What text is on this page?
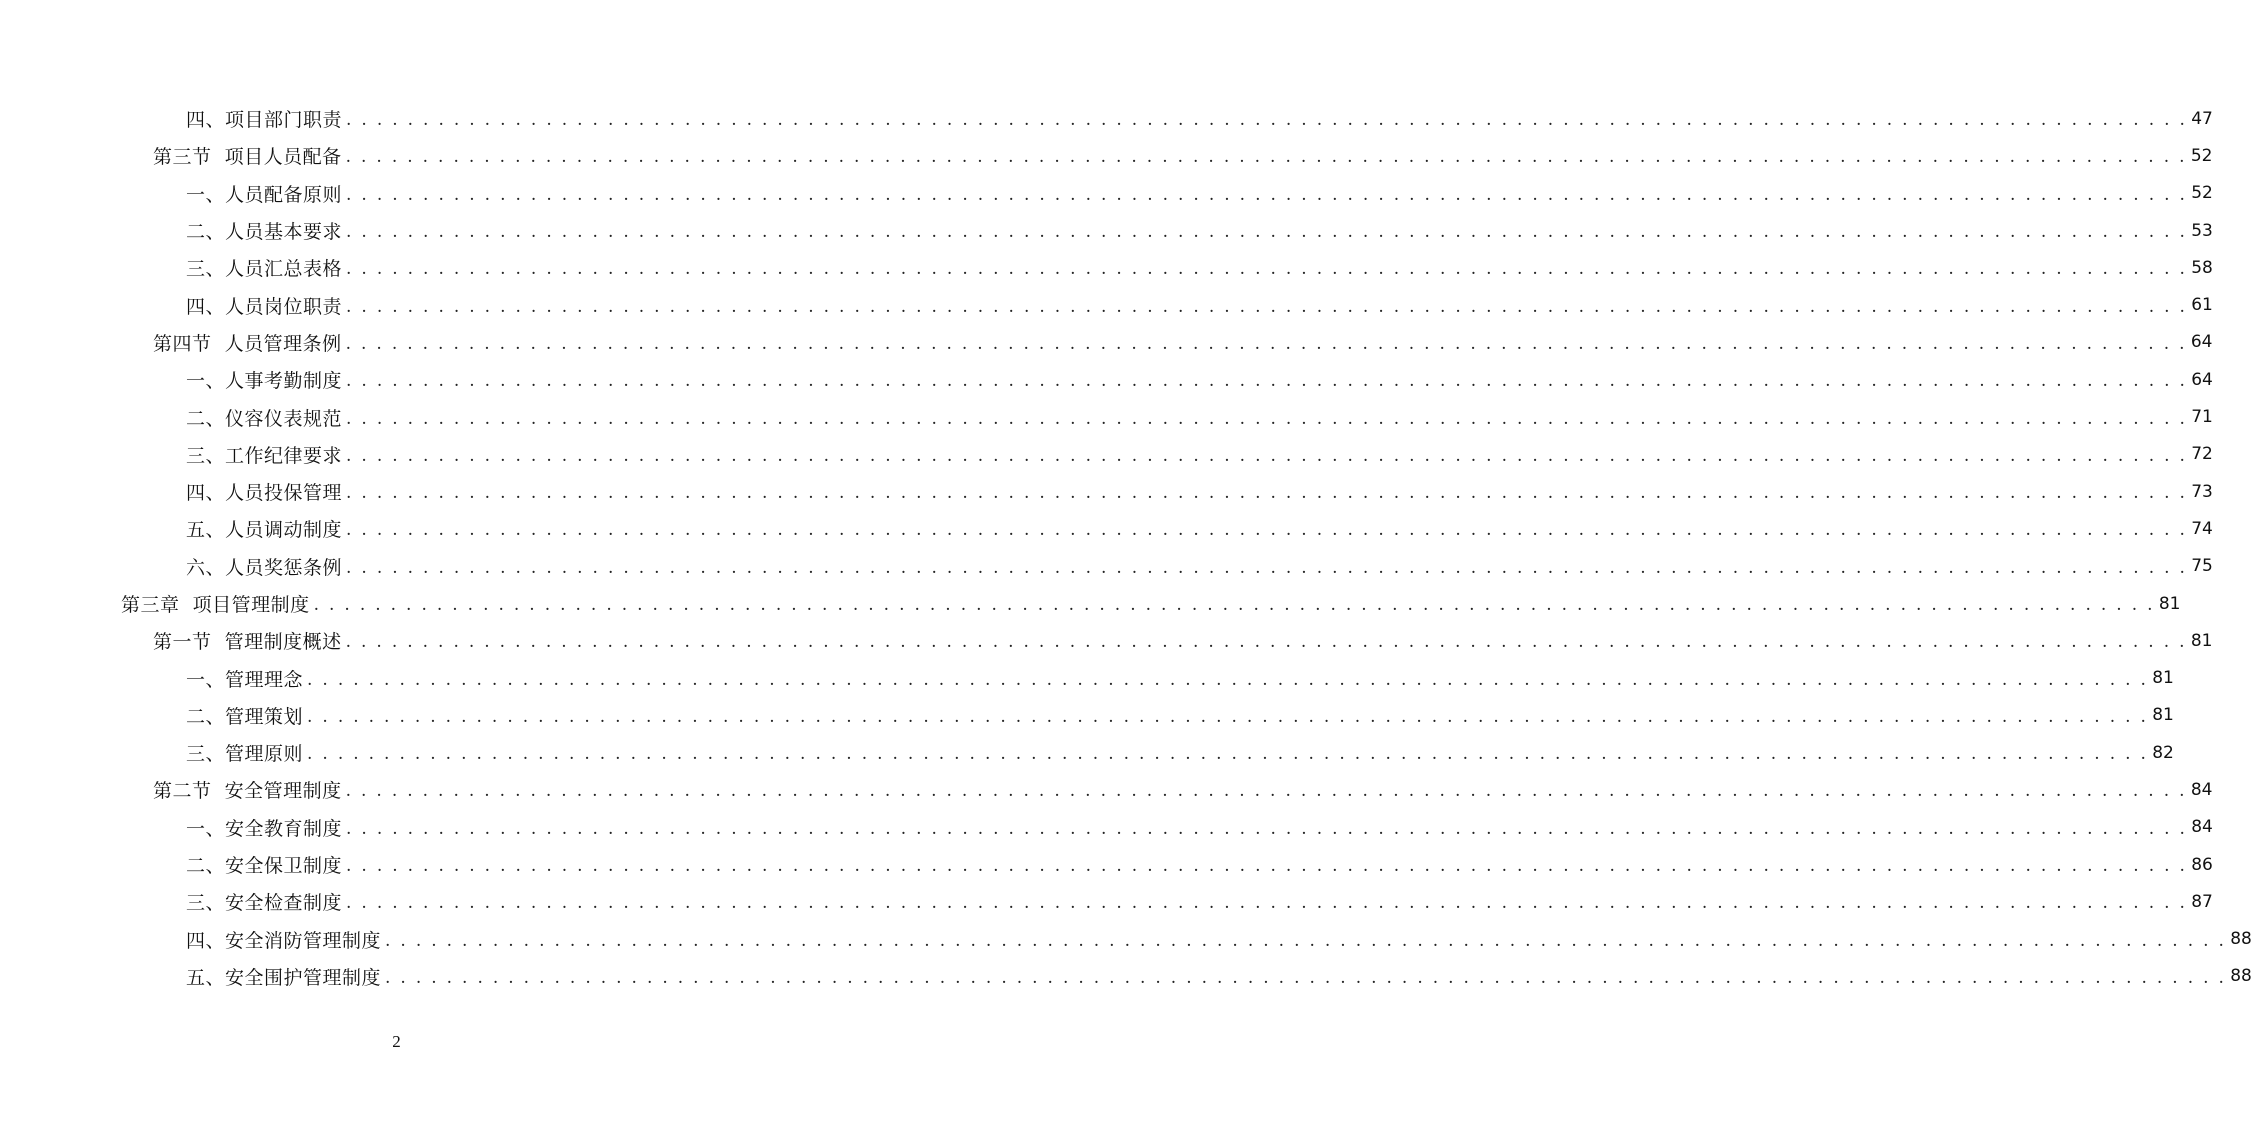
四、项目部门职责 . . . . . . . . . . . . . . . . . . . . . . . . . . . . . . . . . . . . . . . . . . . . . . . . . . . . . . . . . . . . . . . . . . . . . . . . . . . . . . . . . . . . . . . . . . . . . . . . . . . . . . . . . . . . . . . . . . . . . . . . 47
第三节  项目人员配备 . . . . . . . . . . . . . . . . . . . . . . . . . . . . . . . . . . . . . . . . . . . . . . . . . . . . . . . . . . . . . . . . . . . . . . . . . . . . . . . . . . . . . . . . . . . . . . . . . . . . . . . . . . . . . . . . . . . . . . . . 52
一、人员配备原则 . . . . . . . . . . . . . . . . . . . . . . . . . . . . . . . . . . . . . . . . . . . . . . . . . . . . . . . . . . . . . . . . . . . . . . . . . . . . . . . . . . . . . . . . . . . . . . . . . . . . . . . . . . . . . . . . . . . . . . . . 52
二、人员基本要求 . . . . . . . . . . . . . . . . . . . . . . . . . . . . . . . . . . . . . . . . . . . . . . . . . . . . . . . . . . . . . . . . . . . . . . . . . . . . . . . . . . . . . . . . . . . . . . . . . . . . . . . . . . . . . . . . . . . . . . . . 53
三、人员汇总表格 . . . . . . . . . . . . . . . . . . . . . . . . . . . . . . . . . . . . . . . . . . . . . . . . . . . . . . . . . . . . . . . . . . . . . . . . . . . . . . . . . . . . . . . . . . . . . . . . . . . . . . . . . . . . . . . . . . . . . . . . 58
四、人员岗位职责 . . . . . . . . . . . . . . . . . . . . . . . . . . . . . . . . . . . . . . . . . . . . . . . . . . . . . . . . . . . . . . . . . . . . . . . . . . . . . . . . . . . . . . . . . . . . . . . . . . . . . . . . . . . . . . . . . . . . . . . . 61
第四节  人员管理条例 . . . . . . . . . . . . . . . . . . . . . . . . . . . . . . . . . . . . . . . . . . . . . . . . . . . . . . . . . . . . . . . . . . . . . . . . . . . . . . . . . . . . . . . . . . . . . . . . . . . . . . . . . . . . . . . . . . . . . . . . 64
一、人事考勤制度 . . . . . . . . . . . . . . . . . . . . . . . . . . . . . . . . . . . . . . . . . . . . . . . . . . . . . . . . . . . . . . . . . . . . . . . . . . . . . . . . . . . . . . . . . . . . . . . . . . . . . . . . . . . . . . . . . . . . . . . . 64
二、仪容仪表规范 . . . . . . . . . . . . . . . . . . . . . . . . . . . . . . . . . . . . . . . . . . . . . . . . . . . . . . . . . . . . . . . . . . . . . . . . . . . . . . . . . . . . . . . . . . . . . . . . . . . . . . . . . . . . . . . . . . . . . . . . 71
三、工作纪律要求 . . . . . . . . . . . . . . . . . . . . . . . . . . . . . . . . . . . . . . . . . . . . . . . . . . . . . . . . . . . . . . . . . . . . . . . . . . . . . . . . . . . . . . . . . . . . . . . . . . . . . . . . . . . . . . . . . . . . . . . . 72
四、人员投保管理 . . . . . . . . . . . . . . . . . . . . . . . . . . . . . . . . . . . . . . . . . . . . . . . . . . . . . . . . . . . . . . . . . . . . . . . . . . . . . . . . . . . . . . . . . . . . . . . . . . . . . . . . . . . . . . . . . . . . . . . . 73
五、人员调动制度 . . . . . . . . . . . . . . . . . . . . . . . . . . . . . . . . . . . . . . . . . . . . . . . . . . . . . . . . . . . . . . . . . . . . . . . . . . . . . . . . . . . . . . . . . . . . . . . . . . . . . . . . . . . . . . . . . . . . . . . . 74
六、人员奖惩条例 . . . . . . . . . . . . . . . . . . . . . . . . . . . . . . . . . . . . . . . . . . . . . . . . . . . . . . . . . . . . . . . . . . . . . . . . . . . . . . . . . . . . . . . . . . . . . . . . . . . . . . . . . . . . . . . . . . . . . . . . 75
第三章  项目管理制度 . . . . . . . . . . . . . . . . . . . . . . . . . . . . . . . . . . . . . . . . . . . . . . . . . . . . . . . . . . . . . . . . . . . . . . . . . . . . . . . . . . . . . . . . . . . . . . . . . . . . . . . . . . . . . . . . . . . . . . . . 81
第一节  管理制度概述 . . . . . . . . . . . . . . . . . . . . . . . . . . . . . . . . . . . . . . . . . . . . . . . . . . . . . . . . . . . . . . . . . . . . . . . . . . . . . . . . . . . . . . . . . . . . . . . . . . . . . . . . . . . . . . . . . . . . . . . . 81
一、管理理念 . . . . . . . . . . . . . . . . . . . . . . . . . . . . . . . . . . . . . . . . . . . . . . . . . . . . . . . . . . . . . . . . . . . . . . . . . . . . . . . . . . . . . . . . . . . . . . . . . . . . . . . . . . . . . . . . . . . . . . . . 81
二、管理策划 . . . . . . . . . . . . . . . . . . . . . . . . . . . . . . . . . . . . . . . . . . . . . . . . . . . . . . . . . . . . . . . . . . . . . . . . . . . . . . . . . . . . . . . . . . . . . . . . . . . . . . . . . . . . . . . . . . . . . . . . 81
三、管理原则 . . . . . . . . . . . . . . . . . . . . . . . . . . . . . . . . . . . . . . . . . . . . . . . . . . . . . . . . . . . . . . . . . . . . . . . . . . . . . . . . . . . . . . . . . . . . . . . . . . . . . . . . . . . . . . . . . . . . . . . . 82
第二节  安全管理制度 . . . . . . . . . . . . . . . . . . . . . . . . . . . . . . . . . . . . . . . . . . . . . . . . . . . . . . . . . . . . . . . . . . . . . . . . . . . . . . . . . . . . . . . . . . . . . . . . . . . . . . . . . . . . . . . . . . . . . . . . 84
一、安全教育制度 . . . . . . . . . . . . . . . . . . . . . . . . . . . . . . . . . . . . . . . . . . . . . . . . . . . . . . . . . . . . . . . . . . . . . . . . . . . . . . . . . . . . . . . . . . . . . . . . . . . . . . . . . . . . . . . . . . . . . . . . 84
二、安全保卫制度 . . . . . . . . . . . . . . . . . . . . . . . . . . . . . . . . . . . . . . . . . . . . . . . . . . . . . . . . . . . . . . . . . . . . . . . . . . . . . . . . . . . . . . . . . . . . . . . . . . . . . . . . . . . . . . . . . . . . . . . . 86
三、安全检查制度 . . . . . . . . . . . . . . . . . . . . . . . . . . . . . . . . . . . . . . . . . . . . . . . . . . . . . . . . . . . . . . . . . . . . . . . . . . . . . . . . . . . . . . . . . . . . . . . . . . . . . . . . . . . . . . . . . . . . . . . . 87
四、安全消防管理制度 . . . . . . . . . . . . . . . . . . . . . . . . . . . . . . . . . . . . . . . . . . . . . . . . . . . . . . . . . . . . . . . . . . . . . . . . . . . . . . . . . . . . . . . . . . . . . . . . . . . . . . . . . . . . . . . . . . . . . . . . 88
五、安全围护管理制度 . . . . . . . . . . . . . . . . . . . . . . . . . . . . . . . . . . . . . . . . . . . . . . . . . . . . . . . . . . . . . . . . . . . . . . . . . . . . . . . . . . . . . . . . . . . . . . . . . . . . . . . . . . . . . . . . . . . . . . . . 88
2
